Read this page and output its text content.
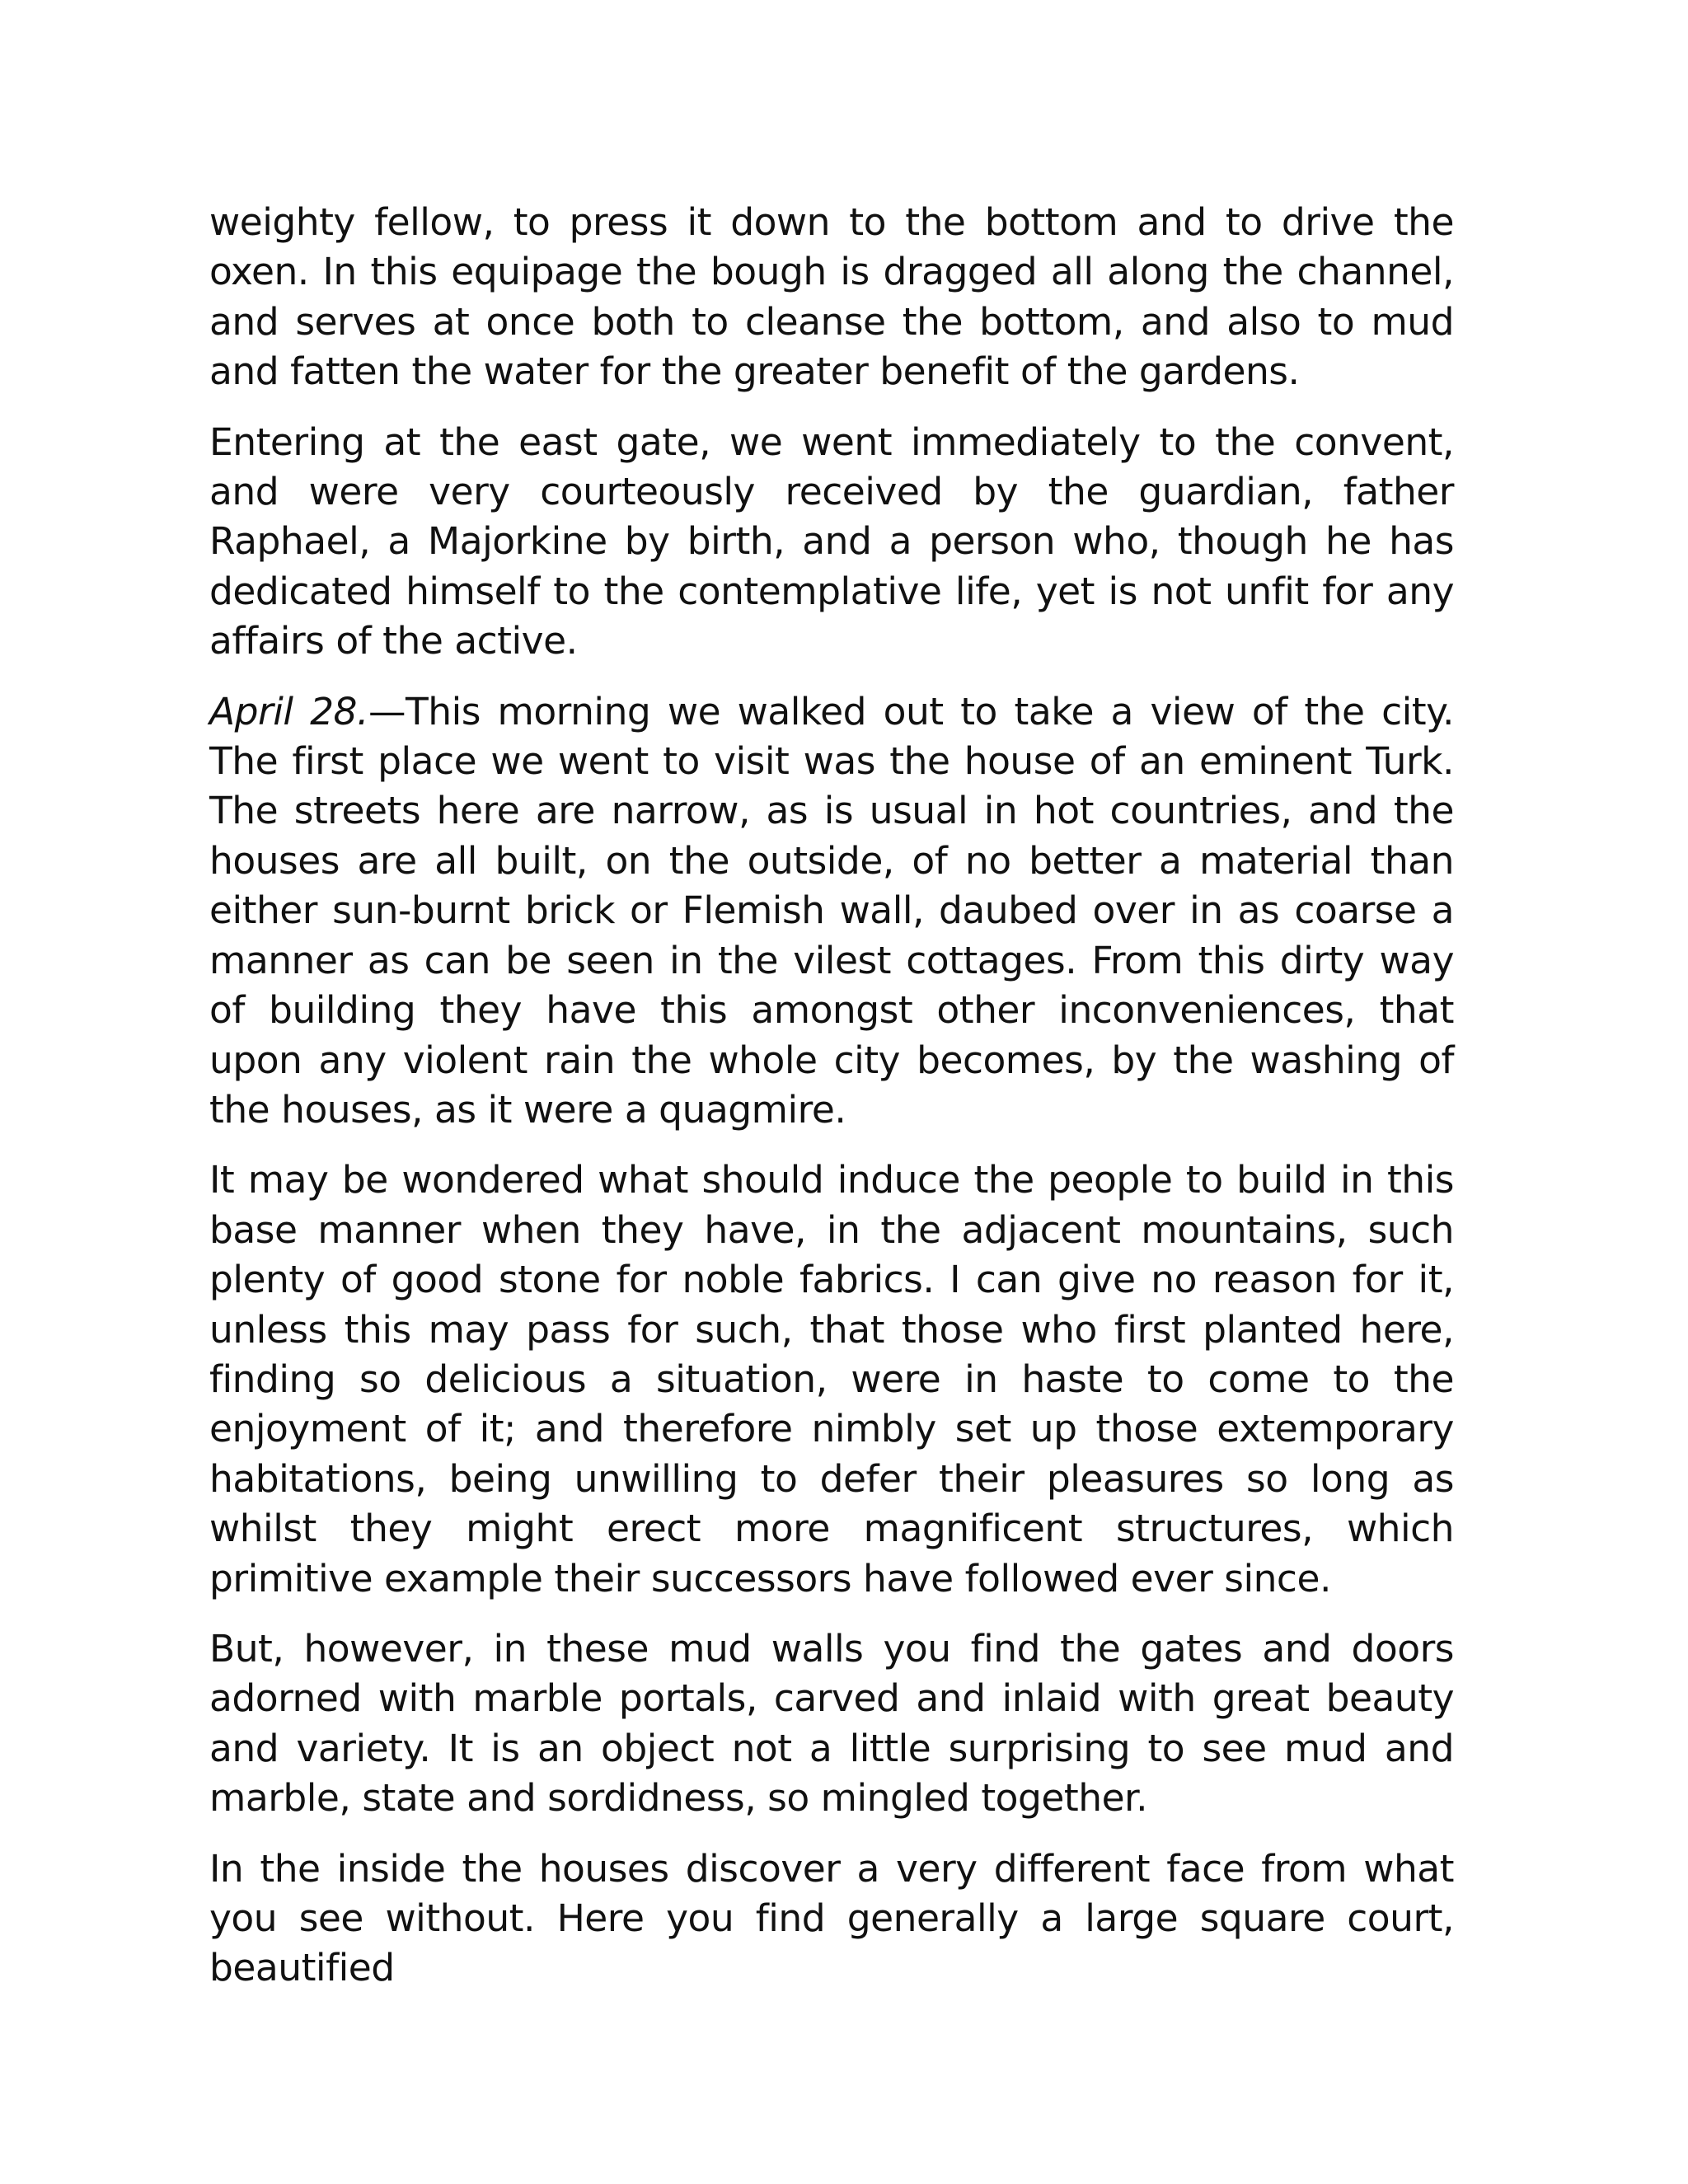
weighty fellow, to press it down to the bottom and to drive the oxen. In this equipage the bough is dragged all along the channel, and serves at once both to cleanse the bottom, and also to mud and fatten the water for the greater benefit of the gardens.

Entering at the east gate, we went immediately to the convent, and were very courteously received by the guardian, father Raphael, a Majorkine by birth, and a person who, though he has dedicated himself to the contemplative life, yet is not unfit for any affairs of the active.

April 28.—This morning we walked out to take a view of the city. The first place we went to visit was the house of an eminent Turk. The streets here are narrow, as is usual in hot countries, and the houses are all built, on the outside, of no better a material than either sun-burnt brick or Flemish wall, daubed over in as coarse a manner as can be seen in the vilest cottages. From this dirty way of building they have this amongst other inconveniences, that upon any violent rain the whole city becomes, by the washing of the houses, as it were a quagmire.

It may be wondered what should induce the people to build in this base manner when they have, in the adjacent mountains, such plenty of good stone for noble fabrics. I can give no reason for it, unless this may pass for such, that those who first planted here, finding so delicious a situation, were in haste to come to the enjoyment of it; and therefore nimbly set up those extemporary habitations, being unwilling to defer their pleasures so long as whilst they might erect more magnificent structures, which primitive example their successors have followed ever since.

But, however, in these mud walls you find the gates and doors adorned with marble portals, carved and inlaid with great beauty and variety. It is an object not a little surprising to see mud and marble, state and sordidness, so mingled together.

In the inside the houses discover a very different face from what you see without. Here you find generally a large square court, beautified
